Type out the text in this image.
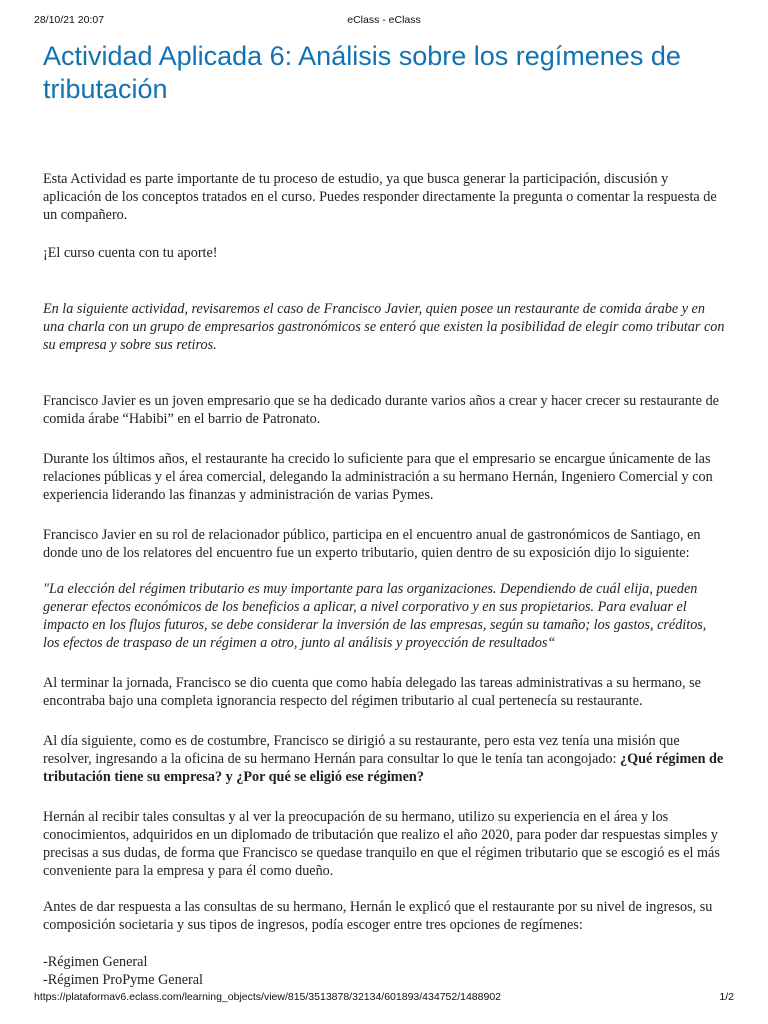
28/10/21 20:07	eClass - eClass
Actividad Aplicada 6: Análisis sobre los regímenes de tributación

Esta Actividad es parte importante de tu proceso de estudio, ya que busca generar la participación, discusión y aplicación de los conceptos tratados en el curso. Puedes responder directamente la pregunta o comentar la respuesta de un compañero.

¡El curso cuenta con tu aporte!

En la siguiente actividad, revisaremos el caso de Francisco Javier, quien posee un restaurante de comida árabe y en una charla con un grupo de empresarios gastronómicos se enteró que existen la posibilidad de elegir como tributar con su empresa y sobre sus retiros.

Francisco Javier es un joven empresario que se ha dedicado durante varios años a crear y hacer crecer su restaurante de comida árabe “Habibi” en el barrio de Patronato.

Durante los últimos años, el restaurante ha crecido lo suficiente para que el empresario se encargue únicamente de las relaciones públicas y el área comercial, delegando la administración a su hermano Hernán, Ingeniero Comercial y con experiencia liderando las finanzas y administración de varias Pymes.

Francisco Javier en su rol de relacionador público, participa en el encuentro anual de gastronómicos de Santiago, en donde uno de los relatores del encuentro fue un experto tributario, quien dentro de su exposición dijo lo siguiente:

"La elección del régimen tributario es muy importante para las organizaciones. Dependiendo de cuál elija, pueden generar efectos económicos de los beneficios a aplicar, a nivel corporativo y en sus propietarios. Para evaluar el impacto en los flujos futuros, se debe considerar la inversión de las empresas, según su tamaño; los gastos, créditos, los efectos de traspaso de un régimen a otro, junto al análisis y proyección de resultados“

Al terminar la jornada, Francisco se dio cuenta que como había delegado las tareas administrativas a su hermano, se encontraba bajo una completa ignorancia respecto del régimen tributario al cual pertenecía su restaurante.

Al día siguiente, como es de costumbre, Francisco se dirigió a su restaurante, pero esta vez tenía una misión que resolver, ingresando a la oficina de su hermano Hernán para consultar lo que le tenía tan acongojado: ¿Qué régimen de tributación tiene su empresa? y ¿Por qué se eligió ese régimen?

Hernán al recibir tales consultas y al ver la preocupación de su hermano, utilizo su experiencia en el área y los conocimientos, adquiridos en un diplomado de tributación que realizo el año 2020, para poder dar respuestas simples y precisas a sus dudas, de forma que Francisco se quedase tranquilo en que el régimen tributario que se escogió es el más conveniente para la empresa y para él como dueño.

Antes de dar respuesta a las consultas de su hermano, Hernán le explicó que el restaurante por su nivel de ingresos, su composición societaria y sus tipos de ingresos, podía escoger entre tres opciones de regímenes:

-Régimen General

-Régimen ProPyme General

https://plataformav6.eclass.com/learning_objects/view/815/3513878/32134/601893/434752/1488902	1/2
